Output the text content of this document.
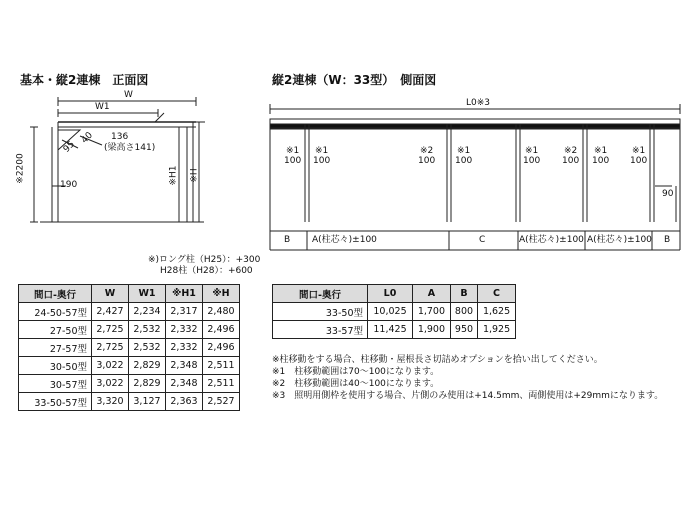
基本・縦2連棟　正面図	縦2連棟（W：33型）　側面図
W
W1
※2200
190
95
40 136
(梁高さ141)
※H1 ※H
L0※3
※1
100
※1
100
※2
100
※1
100
※1
100
※2
100
※1
100
※1
100
90
B A(柱芯々)±100	C	A(柱芯々)±100 A(柱芯々)±100 B
※)ロング柱（H25）：+300
H28柱（H28）：+600
間口-奥行	W	W1	※H1	※H
24-50-57型	2,427	2,234	2,317	2,480
27-50型	2,725	2,532	2,332	2,496
27-57型	2,725	2,532	2,332	2,496
30-50型	3,022	2,829	2,348	2,511
30-57型	3,022	2,829	2,348	2,511
33-50-57型	3,320	3,127	2,363	2,527
間口-奥行	L0	A	B	C
33-50型	10,025	1,700	800	1,625
33-57型	11,425	1,900	950	1,925
※柱移動をする場合、柱移動・屋根長さ切詰めオプションを拾い出してください。
※1　柱移動範囲は70～100になります。
※2　柱移動範囲は40～100になります。
※3　照明用側枠を使用する場合、片側のみ使用は+14.5mm、両側使用は+29mmになります。
